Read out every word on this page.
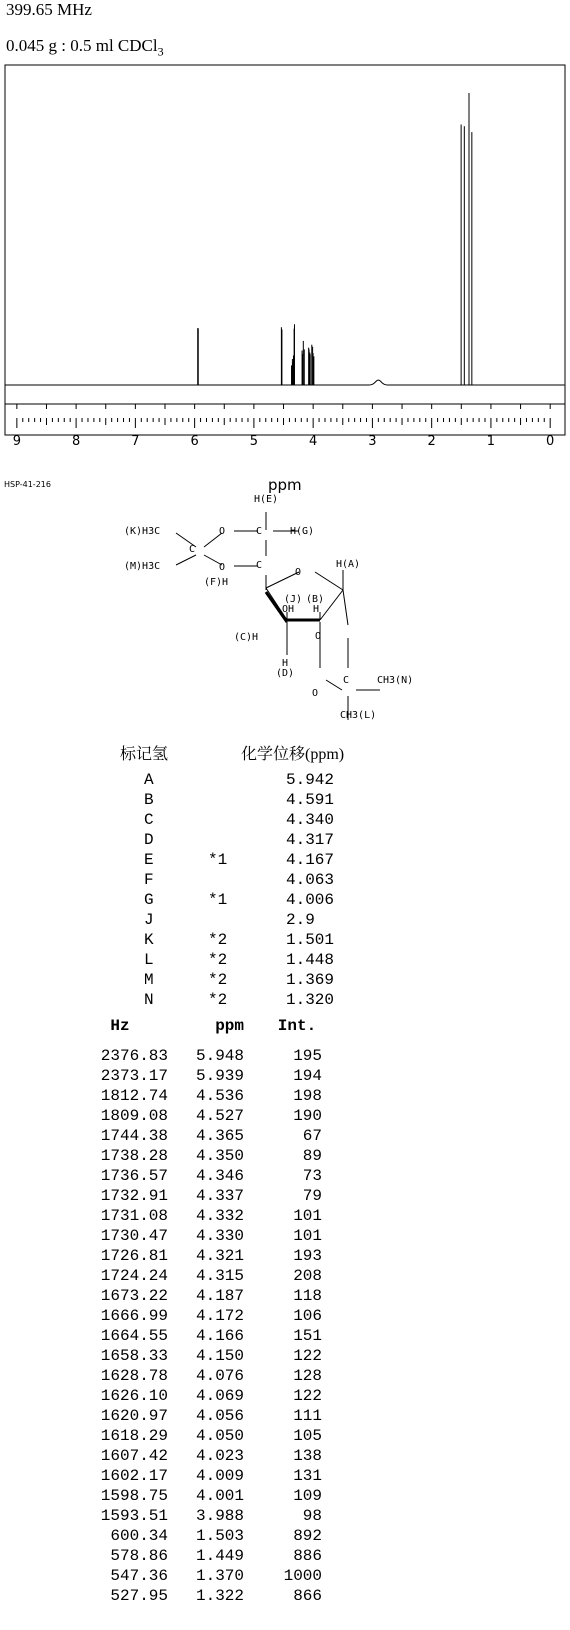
399.65 MHz
0.045 g : 0.5 ml CDCl$_3$
9	8	7	6	5	4	3	2	1	0
HSP-41-216	ppm
H(E)
(K)H3C	O	C	H(G)
(M)H3C
C
O	C
(F)H
O
H(A)
(J) (B)
OH H
(C)H	O
H
(D)
O
C	CH3(N)
CH3(L)
标记氢	化学位移(ppm)
A		5.942
B		4.591
C		4.340
D		4.317
E	*1	4.167
F		4.063
G	*1	4.006
J		2.9
K	*2	1.501
L	*2	1.448
M	*2	1.369
N	*2	1.320
Hz	ppm	Int.

2376.83	5.948	195
2373.17	5.939	194
1812.74	4.536	198
1809.08	4.527	190
1744.38	4.365	67
1738.28	4.350	89
1736.57	4.346	73
1732.91	4.337	79
1731.08	4.332	101
1730.47	4.330	101
1726.81	4.321	193
1724.24	4.315	208
1673.22	4.187	118
1666.99	4.172	106
1664.55	4.166	151
1658.33	4.150	122
1628.78	4.076	128
1626.10	4.069	122
1620.97	4.056	111
1618.29	4.050	105
1607.42	4.023	138
1602.17	4.009	131
1598.75	4.001	109
1593.51	3.988	98
600.34	1.503	892
578.86	1.449	886
547.36	1.370	1000
527.95	1.322	866
